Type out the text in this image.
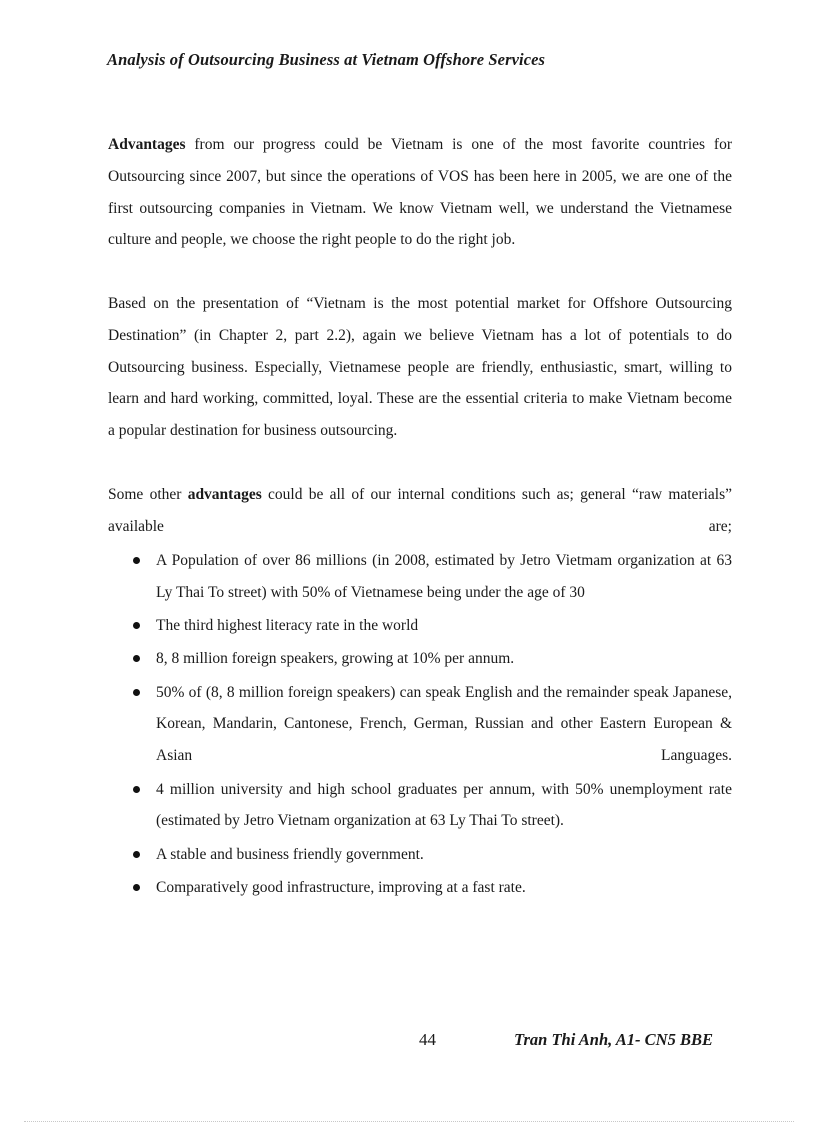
Analysis of Outsourcing Business at Vietnam Offshore Services

Advantages from our progress could be Vietnam is one of the most favorite countries for Outsourcing since 2007, but since the operations of VOS has been here in 2005, we are one of the first outsourcing companies in Vietnam. We know Vietnam well, we understand the Vietnamese culture and people, we choose the right people to do the right job.

Based on the presentation of “Vietnam is the most potential market for Offshore Outsourcing Destination” (in Chapter 2, part 2.2), again we believe Vietnam has a lot of potentials to do Outsourcing business. Especially, Vietnamese people are friendly, enthusiastic, smart, willing to learn and hard working, committed, loyal. These are the essential criteria to make Vietnam become a popular destination for business outsourcing.

Some other advantages could be all of our internal conditions such as; general “raw materials” available are;

A Population of over 86 millions (in 2008, estimated by Jetro Vietmam organization at 63 Ly Thai To street) with 50% of Vietnamese being under the age of 30
The third highest literacy rate in the world
8, 8 million foreign speakers, growing at 10% per annum.
50% of (8, 8 million foreign speakers) can speak English and the remainder speak Japanese, Korean, Mandarin, Cantonese, French, German, Russian and other Eastern European & Asian Languages.
4 million university and high school graduates per annum, with 50% unemployment rate (estimated by Jetro Vietnam organization at 63 Ly Thai To street).
A stable and business friendly government.
Comparatively good infrastructure, improving at a fast rate.
44	Tran Thi Anh, A1- CN5 BBE
